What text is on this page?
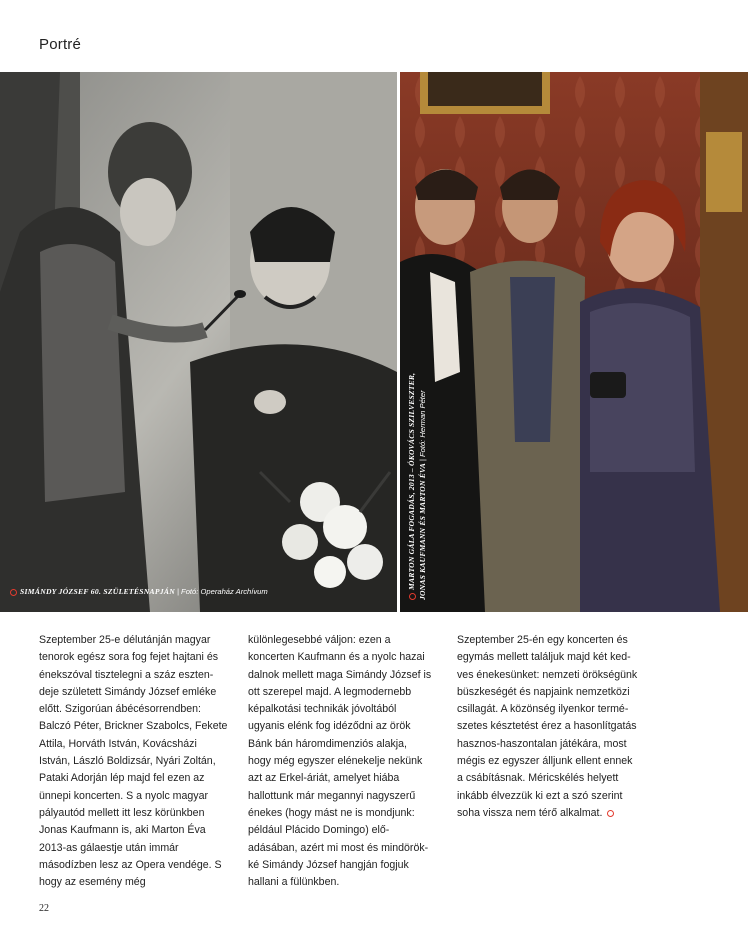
Portré
SIMÁNDY JÓZSEF 60. SZÜLETÉSNAPJÁN | Fotó: Operaház Archívum
MARTON GÁLA FOGADÁS, 2013 – ÓKOVÁCS SZILVESZTER, JONAS KAUFMANN ÉS MARTON ÉVA | Fotó: Herman Péter
Szeptember 25-e délutánján magyar
tenorok egész sora fog fejet hajtani és
énekszóval tisztelegni a száz eszten-
deje született Simándy József emléke
előtt. Szigorúan ábécésorrendben:
Balczó Péter, Brickner Szabolcs, Fekete
Attila, Horváth István, Kovácsházi
István, László Boldizsár, Nyári Zoltán,
Pataki Adorján lép majd fel ezen az
ünnepi koncerten. S a nyolc magyar
pályautód mellett itt lesz körünkben
Jonas Kaufmann is, aki Marton Éva
2013-as gálaestje után immár
másodízben lesz az Opera vendége. S
hogy az esemény még
különlegesebbé váljon: ezen a
koncerten Kaufmann és a nyolc hazai
dalnok mellett maga Simándy József is
ott szerepel majd. A legmodernebb
képalkotási technikák jóvoltából
ugyanis elénk fog idéződni az örök
Bánk bán háromdimenziós alakja,
hogy még egyszer elénekelje nekünk
azt az Erkel-áriát, amelyet hiába
hallottunk már megannyi nagyszerű
énekes (hogy mást ne is mondjunk:
például Plácido Domingo) elő-
adásában, azért mi most és mindörök-
ké Simándy József hangján fogjuk
hallani a fülünkben.
Szeptember 25-én egy koncerten és
egymás mellett találjuk majd két ked-
ves énekesünket: nemzeti örökségünk
büszkeségét és napjaink nemzetközi
csillagát. A közönség ilyenkor termé-
szetes késztetést érez a hasonlítgatás
hasznos-haszontalan játékára, most
mégis ez egyszer álljunk ellent ennek
a csábításnak. Méricskélés helyett
inkább élvezzük ki ezt a szó szerint
soha vissza nem térő alkalmat.
22
